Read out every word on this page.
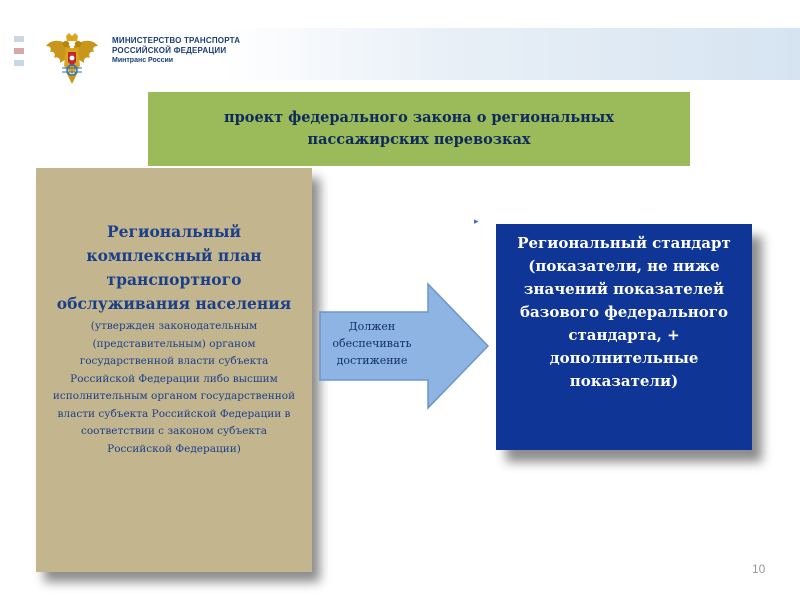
МИНИСТЕРСТВО ТРАНСПОРТА
РОССИЙСКОЙ ФЕДЕРАЦИИ
Минтранс России
проект федерального закона о региональных пассажирских перевозках
Региональный комплексный план транспортного обслуживания населения
(утвержден законодательным (представительным) органом государственной власти субъекта Российской Федерации либо высшим исполнительным органом государственной власти субъекта Российской Федерации в соответствии с законом субъекта Российской Федерации)
Должен обеспечивать достижение
▸
Региональный стандарт (показатели, не ниже значений показателей базового федерального стандарта, + дополнительные показатели)
10
